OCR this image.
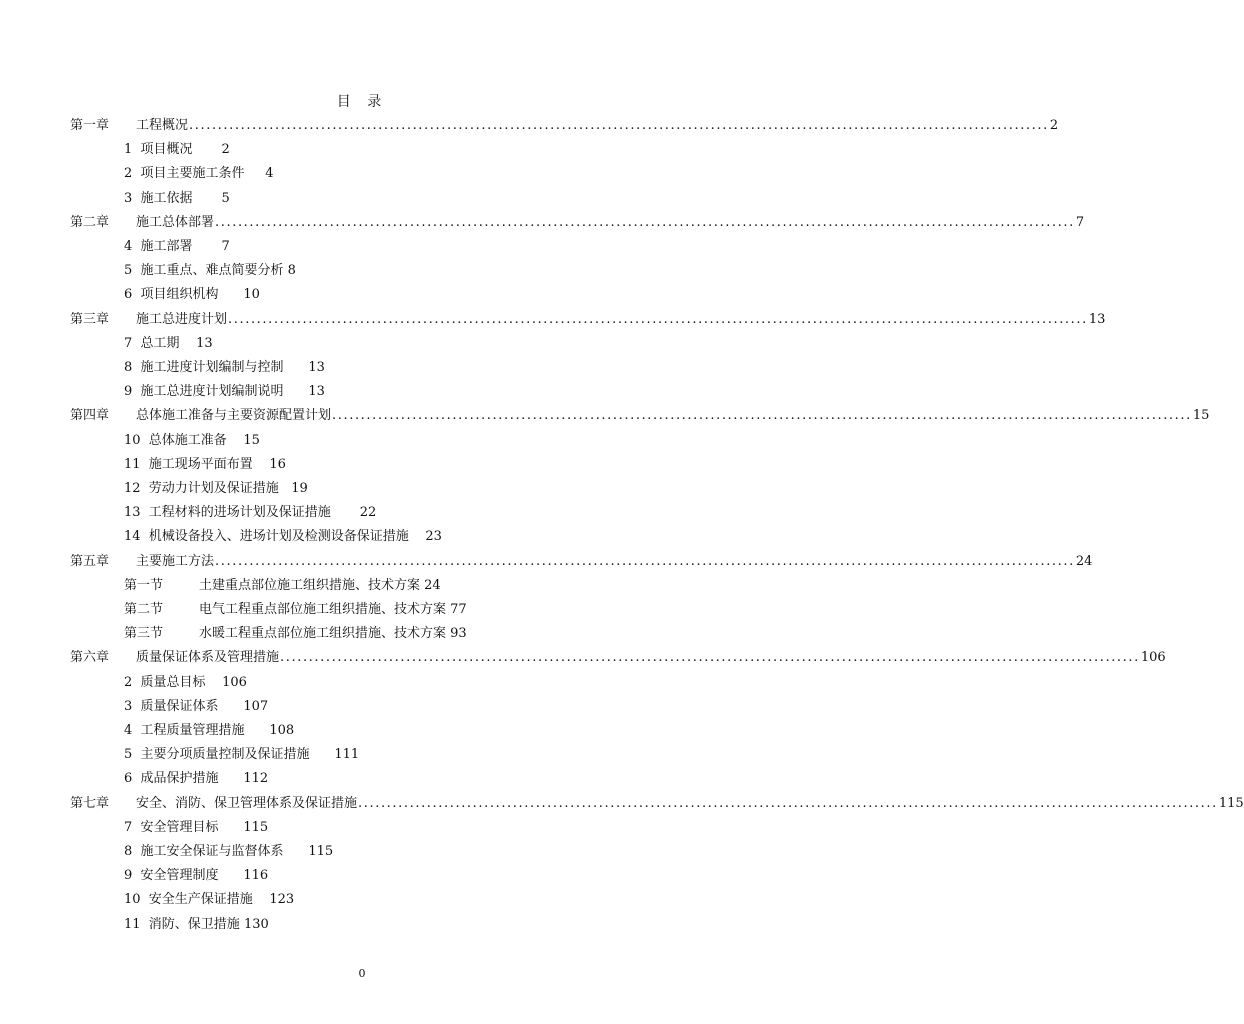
目 录
第一章	工程概况 ...................................................................................................................................................... 2
1  项目概况       2
2  项目主要施工条件     4
3  施工依据       5
第二章	施工总体部署 ...................................................................................................................................................... 7
4  施工部署       7
5  施工重点、难点简要分析 8
6  项目组织机构      10
第三章	施工总进度计划 ...................................................................................................................................................... 13
7  总工期    13
8  施工进度计划编制与控制      13
9  施工总进度计划编制说明      13
第四章	总体施工准备与主要资源配置计划 ...................................................................................................................................................... 15
10  总体施工准备    15
11  施工现场平面布置    16
12  劳动力计划及保证措施   19
13  工程材料的进场计划及保证措施       22
14  机械设备投入、进场计划及检测设备保证措施    23
第五章	主要施工方法 ...................................................................................................................................................... 24
第一节	土建重点部位施工组织措施、技术方案 24
第二节	电气工程重点部位施工组织措施、技术方案 77
第三节	水暖工程重点部位施工组织措施、技术方案 93
第六章	质量保证体系及管理措施 ...................................................................................................................................................... 106
2  质量总目标    106
3  质量保证体系      107
4  工程质量管理措施      108
5  主要分项质量控制及保证措施      111
6  成品保护措施      112
第七章	安全、消防、保卫管理体系及保证措施 ...................................................................................................................................................... 115
7  安全管理目标      115
8  施工安全保证与监督体系      115
9  安全管理制度      116
10  安全生产保证措施    123
11  消防、保卫措施 130
0
